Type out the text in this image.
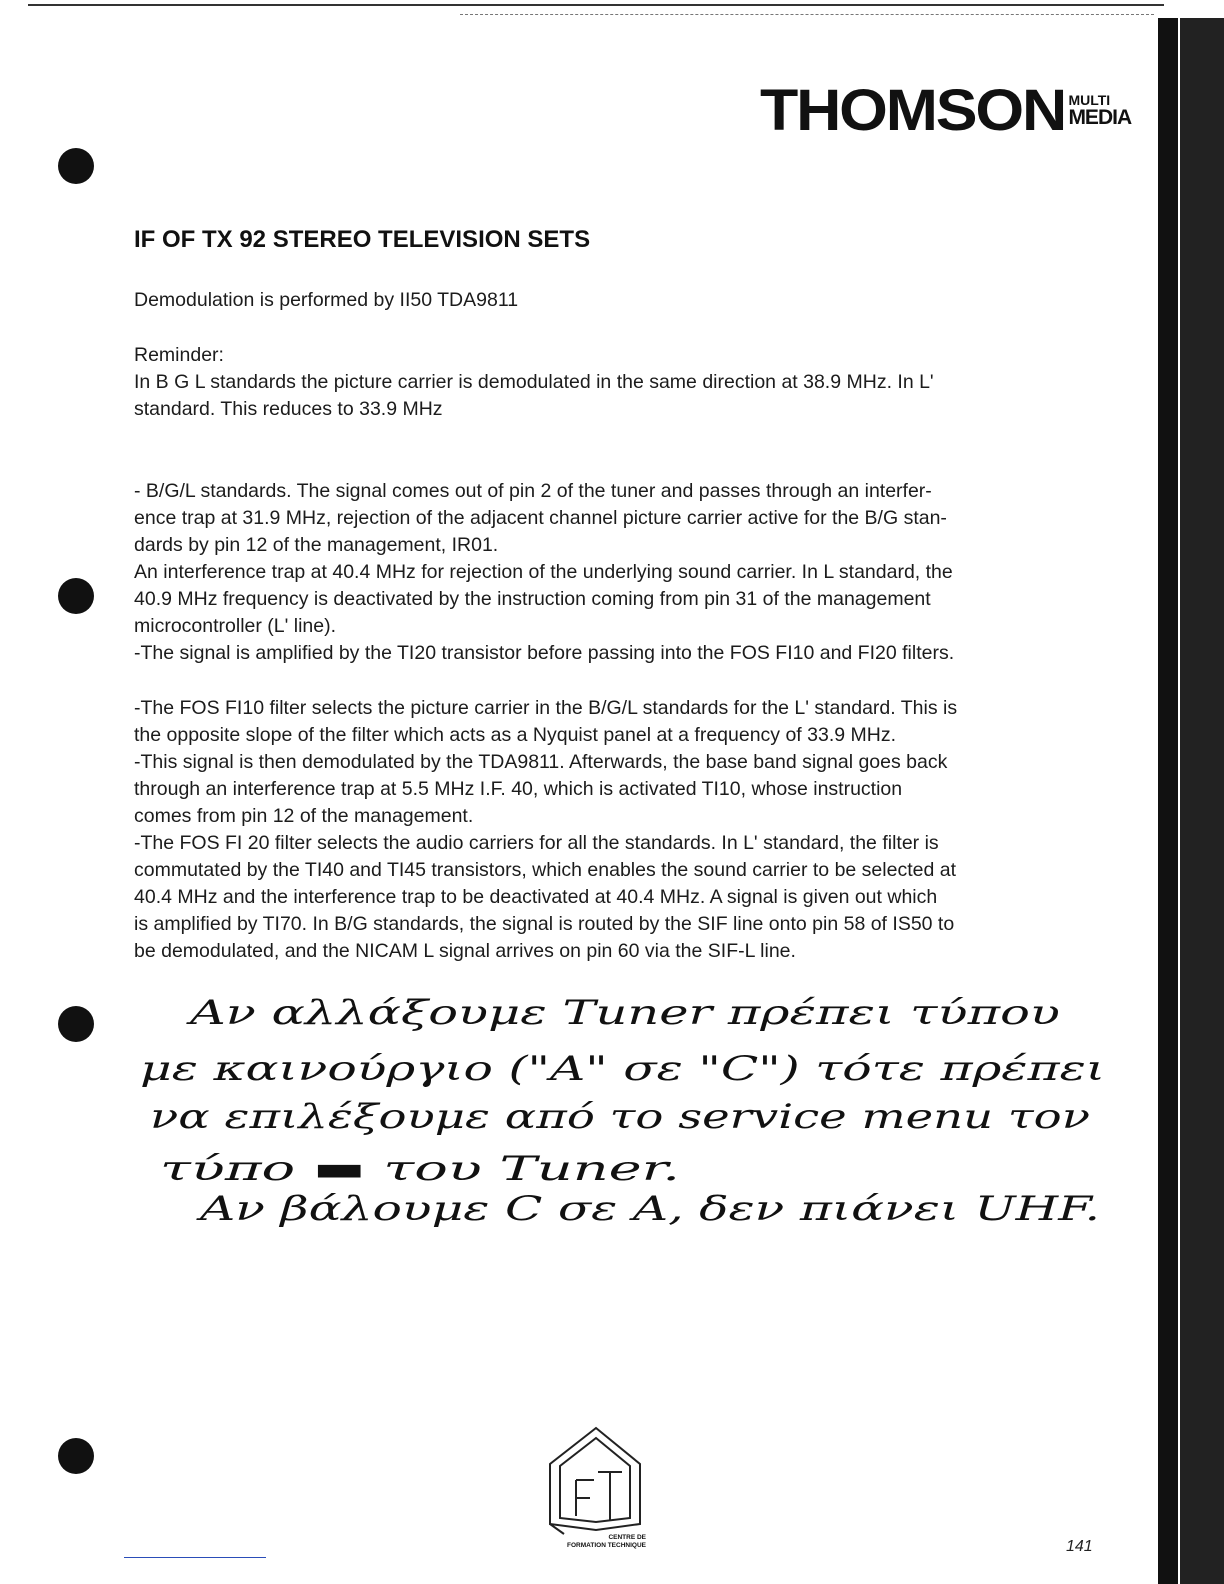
THOMSON MULTI
MEDIA
IF OF TX 92 STEREO TELEVISION SETS
Demodulation is performed by II50 TDA9811
Reminder:
In B G L standards the picture carrier is demodulated in the same direction at 38.9 MHz. In L'
standard. This reduces to 33.9 MHz
- B/G/L standards. The signal comes out of pin 2 of the tuner and passes through an interfer-
ence trap at 31.9 MHz, rejection of the adjacent channel picture carrier active for the B/G stan-
dards by pin 12 of the management, IR01.
An interference trap at 40.4 MHz for rejection of the underlying sound carrier. In L standard, the
40.9 MHz frequency is deactivated by the instruction coming from pin 31 of the management
microcontroller (L' line).
-The signal is amplified by the TI20 transistor before passing into the FOS FI10 and FI20 filters.
-The FOS FI10 filter selects the picture carrier in the B/G/L standards for the L' standard. This is
the opposite slope of the filter which acts as a Nyquist panel at a frequency of 33.9 MHz.
-This signal is then demodulated by the TDA9811. Afterwards, the base band signal goes back
through an interference trap at 5.5 MHz I.F. 40, which is activated TI10, whose instruction
comes from pin 12 of the management.
-The FOS FI 20 filter selects the audio carriers for all the standards. In L' standard, the filter is
commutated by the TI40 and TI45 transistors, which enables the sound carrier to be selected at
40.4 MHz and the interference trap to be deactivated at 40.4 MHz. A signal is given out which
is amplified by TI70. In B/G standards, the signal is routed by the SIF line onto pin 58 of IS50 to
be demodulated, and the NICAM L signal arrives on pin 60 via the SIF-L line.
Αν αλλάξουμε Tuner πρέπει τύπου
με καινούργιο ("Α" σε "C") τότε πρέπει
να επιλέξουμε από το service menu τον
τύπο ▬ του Tuner.
Αν βάλουμε C σε Α, δεν πιάνει UHF.
CENTRE DE
FORMATION TECHNIQUE	141
